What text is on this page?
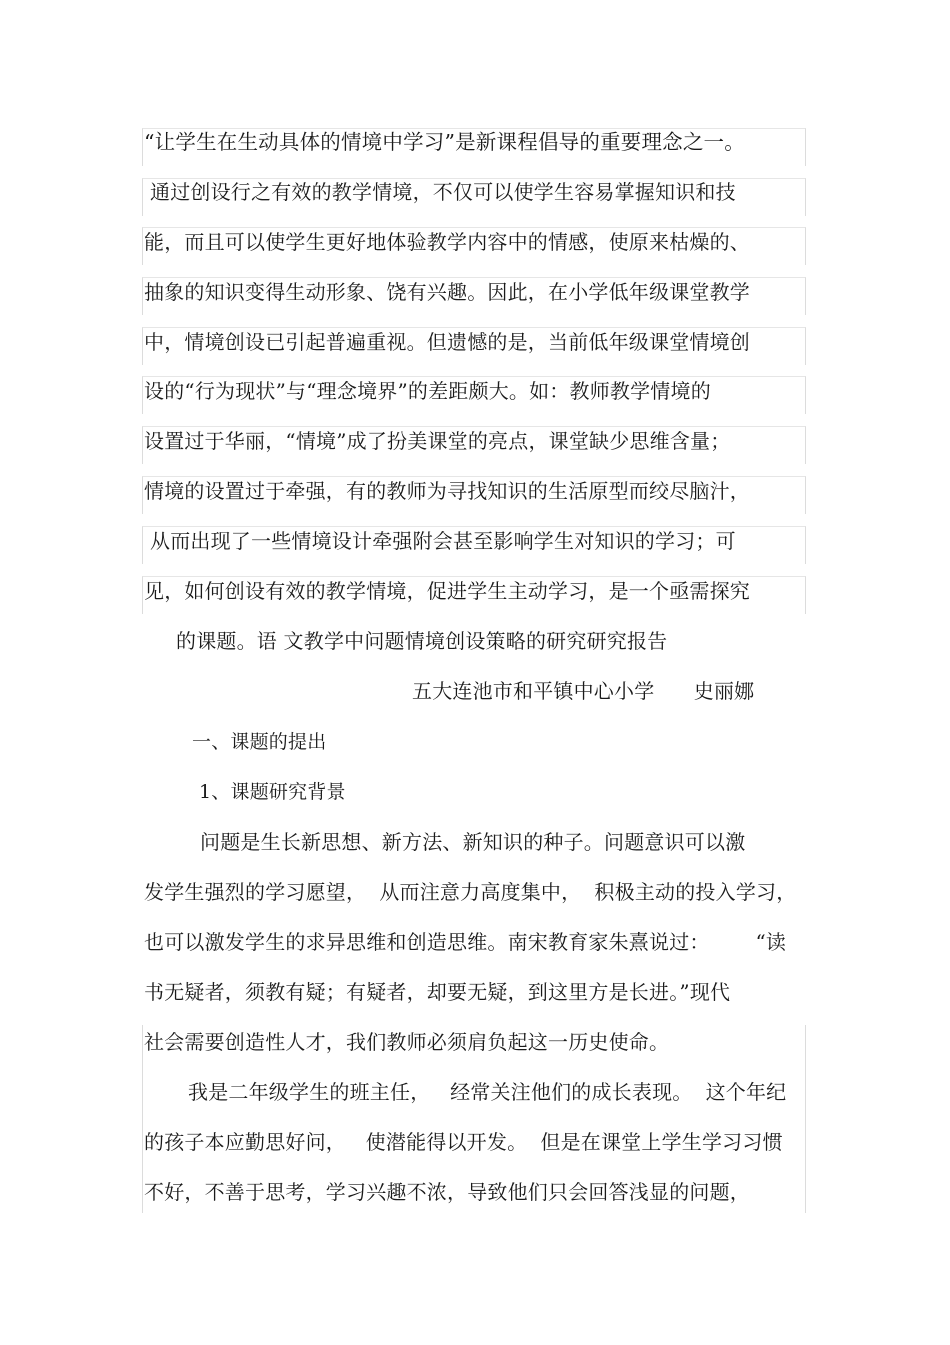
“让学生在生动具体的情境中学习”是新课程倡导的重要理念之一。
通过创设行之有效的教学情境，不仅可以使学生容易掌握知识和技
能，而且可以使学生更好地体验教学内容中的情感，使原来枯燥的、
抽象的知识变得生动形象、饶有兴趣。因此，在小学低年级课堂教学
中，情境创设已引起普遍重视。但遗憾的是，当前低年级课堂情境创
设的“行为现状”与“理念境界”的差距颇大。如：教师教学情境的
设置过于华丽，“情境”成了扮美课堂的亮点，课堂缺少思维含量；
情境的设置过于牵强，有的教师为寻找知识的生活原型而绞尽脑汁，
从而出现了一些情境设计牵强附会甚至影响学生对知识的学习；可
见，如何创设有效的教学情境，促进学生主动学习，是一个亟需探究
的课题。语 文教学中问题情境创设策略的研究研究报告
五大连池市和平镇中心小学      史丽娜
一、课题的提出
1、课题研究背景
问题是生长新思想、新方法、新知识的种子。问题意识可以激
发学生强烈的学习愿望，  从而注意力高度集中，  积极主动的投入学习，
也可以激发学生的求异思维和创造思维。南宋教育家朱熹说过：       “读
书无疑者，须教有疑；有疑者，却要无疑，到这里方是长进。”现代
社会需要创造性人才，我们教师必须肩负起这一历史使命。
我是二年级学生的班主任，   经常关注他们的成长表现。  这个年纪
的孩子本应勤思好问，   使潜能得以开发。  但是在课堂上学生学习习惯
不好，不善于思考，学习兴趣不浓，导致他们只会回答浅显的问题，
